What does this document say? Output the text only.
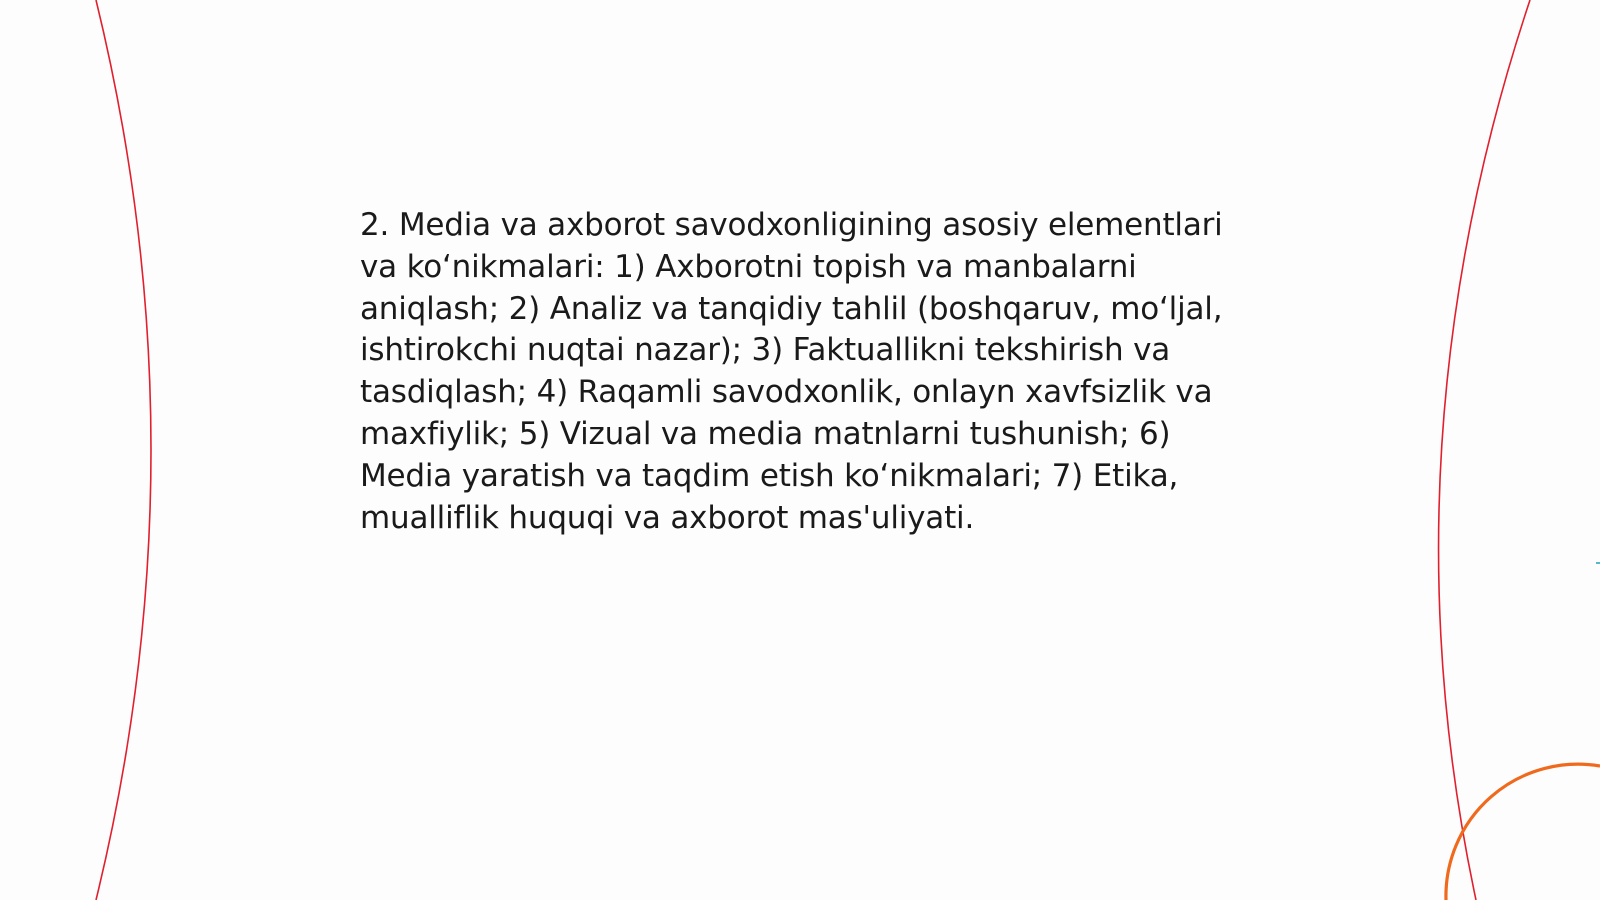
2. Media va axborot savodxonligining asosiy elementlari va ko‘nikmalari: 1) Axborotni topish va manbalarni aniqlash; 2) Analiz va tanqidiy tahlil (boshqaruv, mo‘ljal, ishtirokchi nuqtai nazar); 3) Faktuallikni tekshirish va tasdiqlash; 4) Raqamli savodxonlik, onlayn xavfsizlik va maxfiylik; 5) Vizual va media matnlarni tushunish; 6) Media yaratish va taqdim etish ko‘nikmalari; 7) Etika, mualliflik huquqi va axborot mas'uliyati.
